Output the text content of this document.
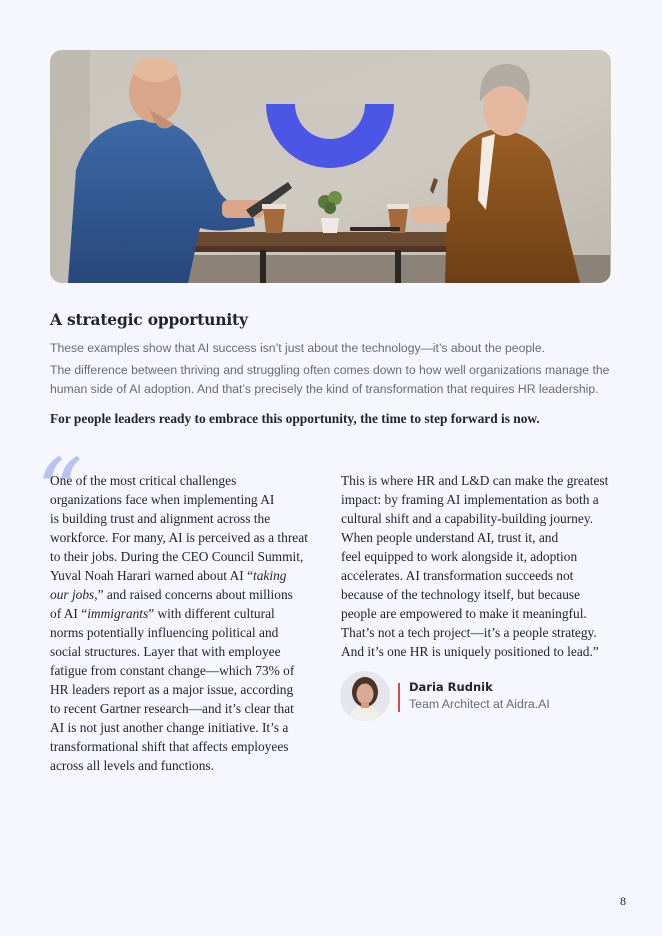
A strategic opportunity

These examples show that AI success isn’t just about the technology—it’s about the people.

The difference between thriving and struggling often comes down to how well organizations manage the human side of AI adoption. And that’s precisely the kind of transformation that requires HR leadership.

For people leaders ready to embrace this opportunity, the time to step forward is now.

“

One of the most critical challenges
organizations face when implementing AI
is building trust and alignment across the
workforce. For many, AI is perceived as a threat
to their jobs. During the CEO Council Summit,
Yuval Noah Harari warned about AI “taking
our jobs,” and raised concerns about millions
of AI “immigrants” with different cultural
norms potentially influencing political and
social structures. Layer that with employee
fatigue from constant change—which 73% of
HR leaders report as a major issue, according
to recent Gartner research—and it’s clear that
AI is not just another change initiative. It’s a
transformational shift that affects employees
across all levels and functions.

This is where HR and L&D can make the greatest
impact: by framing AI implementation as both a
cultural shift and a capability-building journey.
When people understand AI, trust it, and
feel equipped to work alongside it, adoption
accelerates. AI transformation succeeds not
because of the technology itself, but because
people are empowered to make it meaningful.
That’s not a tech project—it’s a people strategy.
And it’s one HR is uniquely positioned to lead.”

Daria Rudnik
Team Architect at Aidra.AI
8
